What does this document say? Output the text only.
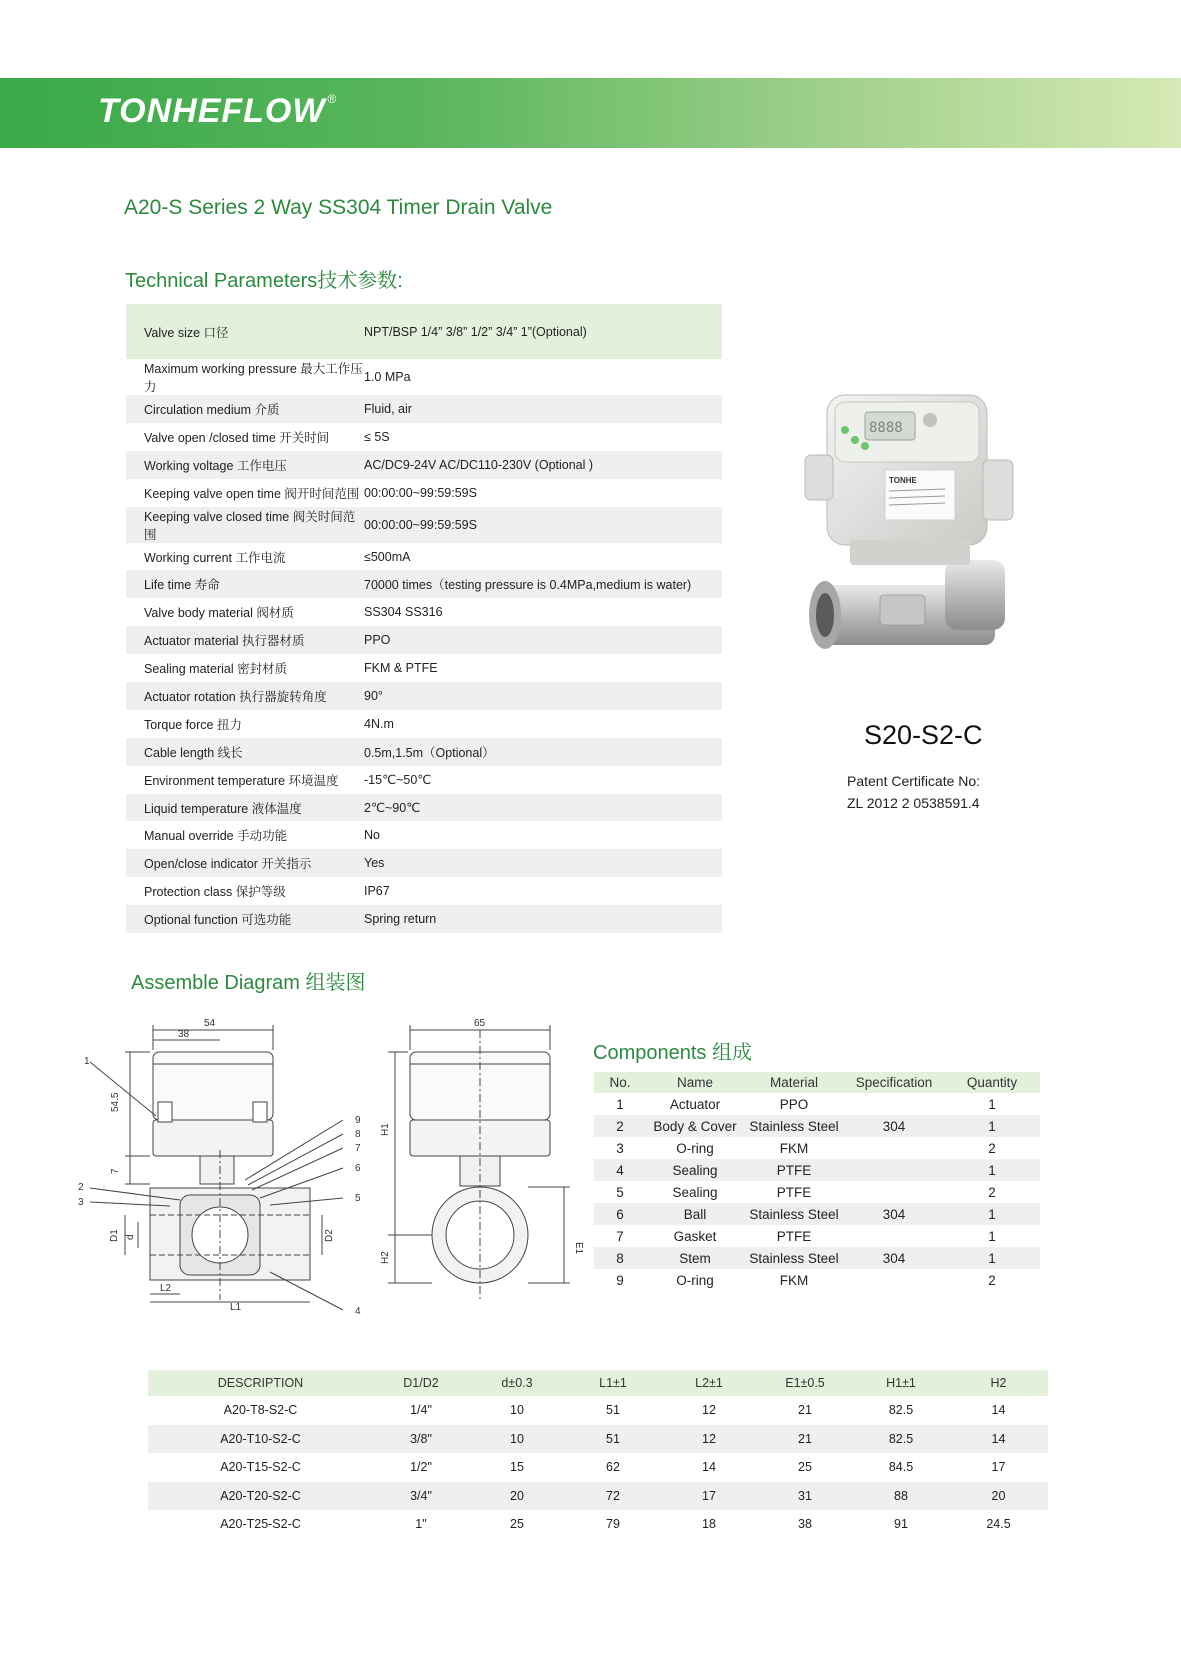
TONHEFLOW ®
A20-S Series 2 Way SS304 Timer Drain Valve
Technical Parameters技术参数:
Valve size 口径	NPT/BSP 1/4” 3/8” 1/2” 3/4” 1”(Optional)
Maximum working pressure 最大工作压力	1.0 MPa
Circulation medium 介质	Fluid, air
Valve open /closed time 开关时间	≤ 5S
Working voltage 工作电压	AC/DC9-24V AC/DC110-230V (Optional )
Keeping valve open time 阀开时间范围	00:00:00~99:59:59S
Keeping valve closed time 阀关时间范围	00:00:00~99:59:59S
Working current 工作电流	≤500mA
Life time 寿命	70000 times（testing pressure is 0.4MPa,medium is water)
Valve body material 阀材质	SS304 SS316
Actuator material 执行器材质	PPO
Sealing material 密封材质	FKM & PTFE
Actuator rotation 执行器旋转角度	90°
Torque force 扭力	4N.m
Cable length 线长	0.5m,1.5m（Optional）
Environment temperature 环境温度	-15℃~50℃
Liquid temperature 液体温度	2℃~90℃
Manual override 手动功能	No
Open/close indicator 开关指示	Yes
Protection class 保护等级	IP67
Optional function 可选功能	Spring return
8888
TONHE
S20-S2-C
Patent Certificate No:
ZL 2012 2 0538591.4
Assemble Diagram 组装图
54
38
54.5
7
D1 d	D2
L2
L1
1
2
3
4
5
6
7
8
9
65
H1
H2
E1
Components 组成
No.	Name	Material	Specification	Quantity
1	Actuator	PPO		1
2	Body & Cover	Stainless Steel	304	1
3	O-ring	FKM		2
4	Sealing	PTFE		1
5	Sealing	PTFE		2
6	Ball	Stainless Steel	304	1
7	Gasket	PTFE		1
8	Stem	Stainless Steel	304	1
9	O-ring	FKM		2
DESCRIPTION	D1/D2	d±0.3	L1±1	L2±1	E1±0.5	H1±1	H2
A20-T8-S2-C	1/4"	10	51	12	21	82.5	14
A20-T10-S2-C	3/8"	10	51	12	21	82.5	14
A20-T15-S2-C	1/2"	15	62	14	25	84.5	17
A20-T20-S2-C	3/4"	20	72	17	31	88	20
A20-T25-S2-C	1"	25	79	18	38	91	24.5
